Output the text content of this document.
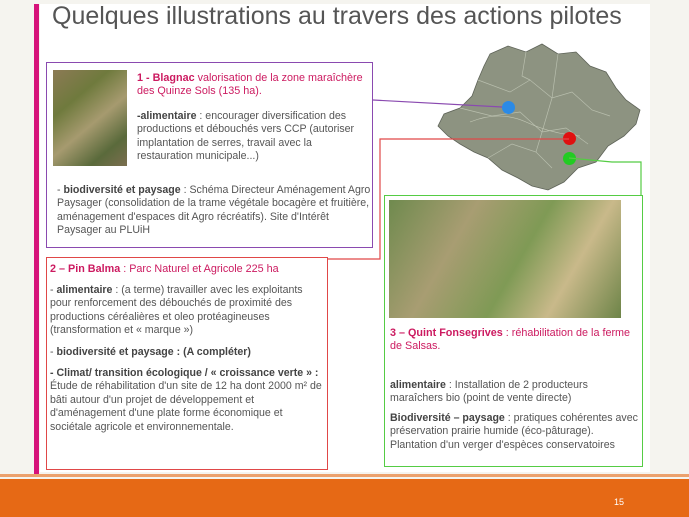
Quelques illustrations au travers des actions pilotes

1 - Blagnac valorisation de la zone maraîchère des Quinze Sols (135 ha).

-alimentaire : encourager diversification des productions et débouchés vers CCP (autoriser implantation de serres, travail avec la restauration municipale...)

- biodiversité et paysage : Schéma Directeur Aménagement Agro Paysager (consolidation de la trame végétale bocagère et fruitière, aménagement d'espaces dit Agro récréatifs). Site d'Intérêt Paysager au PLUiH

2 – Pin Balma : Parc Naturel et Agricole 225 ha

- alimentaire : (a terme) travailler avec les exploitants pour renforcement des débouchés de proximité des productions céréalières et oleo protéagineuses (transformation et « marque »)

- biodiversité et paysage : (A compléter)

- Climat/ transition écologique / « croissance verte » : Étude de réhabilitation d'un site de 12 ha dont 2000 m² de bâti autour d'un projet de développement et d'aménagement d'une plate forme économique et sociétale agricole et environnementale.

3 – Quint Fonsegrives : réhabilitation de la ferme de Salsas.

alimentaire : Installation de 2 producteurs maraîchers bio (point de vente directe)

Biodiversité – paysage : pratiques cohérentes avec préservation prairie humide (éco-pâturage). Plantation d'un verger d'espèces conservatoires

15
